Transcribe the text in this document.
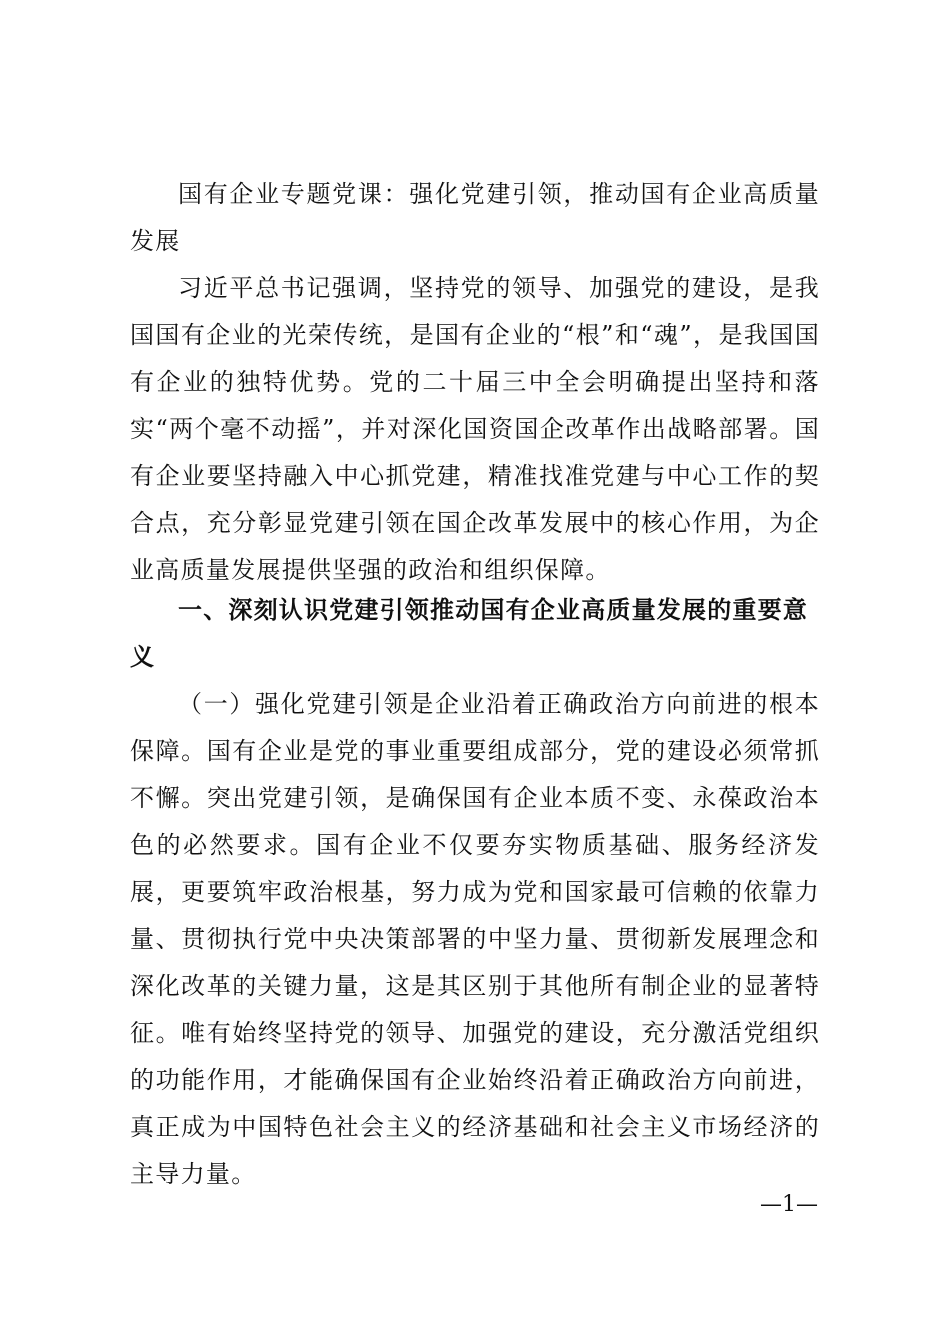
国有企业专题党课：强化党建引领，推动国有企业高质量发展

习近平总书记强调，坚持党的领导、加强党的建设，是我国国有企业的光荣传统，是国有企业的“根”和“魂”，是我国国有企业的独特优势。党的二十届三中全会明确提出坚持和落实“两个毫不动摇”，并对深化国资国企改革作出战略部署。国有企业要坚持融入中心抓党建，精准找准党建与中心工作的契合点，充分彰显党建引领在国企改革发展中的核心作用，为企业高质量发展提供坚强的政治和组织保障。

一、深刻认识党建引领推动国有企业高质量发展的重要意义

（一）强化党建引领是企业沿着正确政治方向前进的根本保障。国有企业是党的事业重要组成部分，党的建设必须常抓不懈。突出党建引领，是确保国有企业本质不变、永葆政治本色的必然要求。国有企业不仅要夯实物质基础、服务经济发展，更要筑牢政治根基，努力成为党和国家最可信赖的依靠力量、贯彻执行党中央决策部署的中坚力量、贯彻新发展理念和深化改革的关键力量，这是其区别于其他所有制企业的显著特征。唯有始终坚持党的领导、加强党的建设，充分激活党组织的功能作用，才能确保国有企业始终沿着正确政治方向前进，真正成为中国特色社会主义的经济基础和社会主义市场经济的主导力量。

—1—
